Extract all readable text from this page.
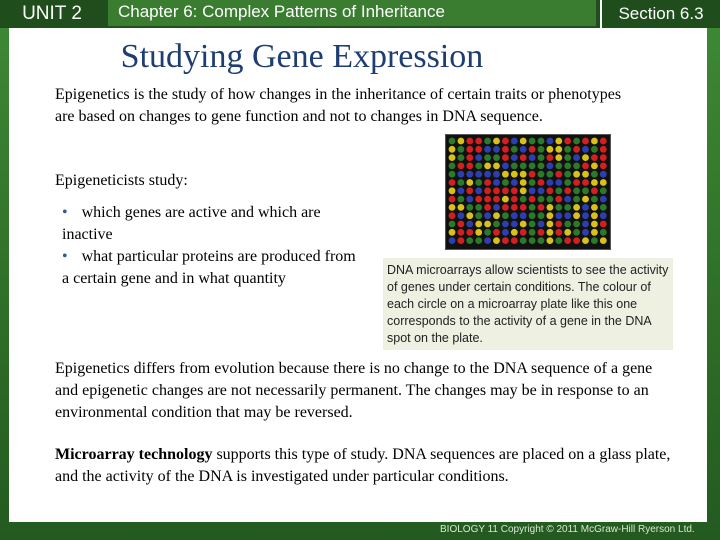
UNIT 2	Chapter 6: Complex Patterns of Inheritance	Section 6.3
Studying Gene Expression
Epigenetics is the study of how changes in the inheritance of certain traits or phenotypes are based on changes to gene function and not to changes in DNA sequence.
Epigeneticists study:

• which genes are active and which are inactive

• what particular proteins are produced from a certain gene and in what quantity	DNA microarrays allow scientists to see the activity of genes under certain conditions. The colour of each circle on a microarray plate like this one corresponds to the activity of a gene in the DNA spot on the plate.
Epigenetics differs from evolution because there is no change to the DNA sequence of a gene and epigenetic changes are not necessarily permanent. The changes may be in response to an environmental condition that may be reversed.
Microarray technology supports this type of study. DNA sequences are placed on a glass plate, and the activity of the DNA is investigated under particular conditions.
BIOLOGY 11 Copyright © 2011 McGraw-Hill Ryerson Ltd.
